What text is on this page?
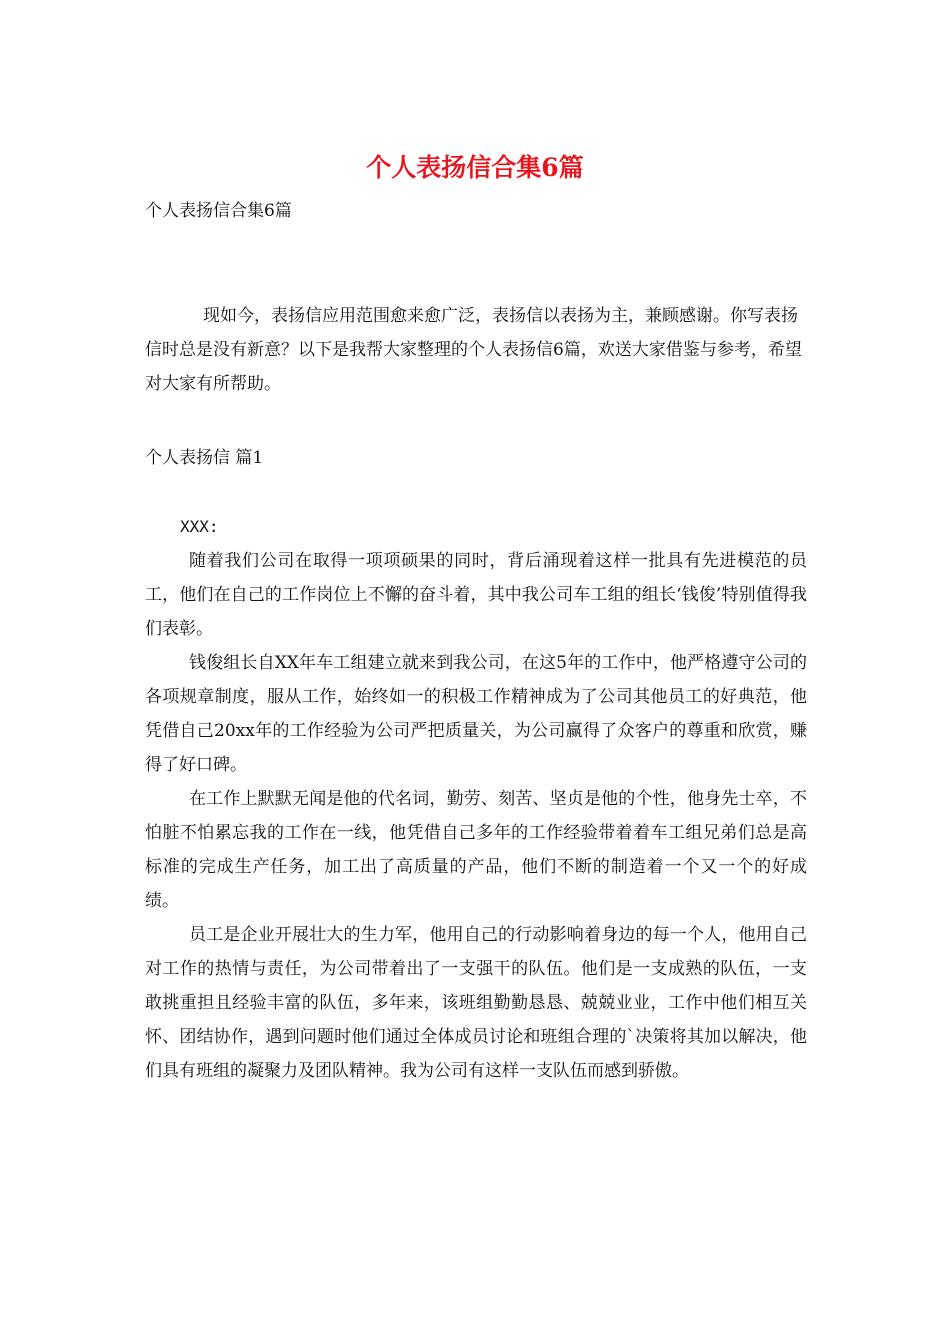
个人表扬信合集6篇
个人表扬信合集6篇

现如今，表扬信应用范围愈来愈广泛，表扬信以表扬为主，兼顾感谢。你写表扬信时总是没有新意？以下是我帮大家整理的个人表扬信6篇，欢送大家借鉴与参考，希望对大家有所帮助。

个人表扬信 篇1
XXX:

随着我们公司在取得一项项硕果的同时，背后涌现着这样一批具有先进模范的员工，他们在自己的工作岗位上不懈的奋斗着，其中我公司车工组的组长‘钱俊’特别值得我们表彰。

钱俊组长自XX年车工组建立就来到我公司，在这5年的工作中，他严格遵守公司的各项规章制度，服从工作，始终如一的积极工作精神成为了公司其他员工的好典范，他凭借自己20xx年的工作经验为公司严把质量关，为公司赢得了众客户的尊重和欣赏，赚得了好口碑。

在工作上默默无闻是他的代名词，勤劳、刻苦、坚贞是他的个性，他身先士卒，不怕脏不怕累忘我的工作在一线，他凭借自己多年的工作经验带着着车工组兄弟们总是高标准的完成生产任务，加工出了高质量的产品，他们不断的制造着一个又一个的好成绩。

员工是企业开展壮大的生力军，他用自己的行动影响着身边的每一个人，他用自己对工作的热情与责任，为公司带着出了一支强干的队伍。他们是一支成熟的队伍，一支敢挑重担且经验丰富的队伍，多年来，该班组勤勤恳恳、兢兢业业，工作中他们相互关怀、团结协作，遇到问题时他们通过全体成员讨论和班组合理的`决策将其加以解决，他们具有班组的凝聚力及团队精神。我为公司有这样一支队伍而感到骄傲。
